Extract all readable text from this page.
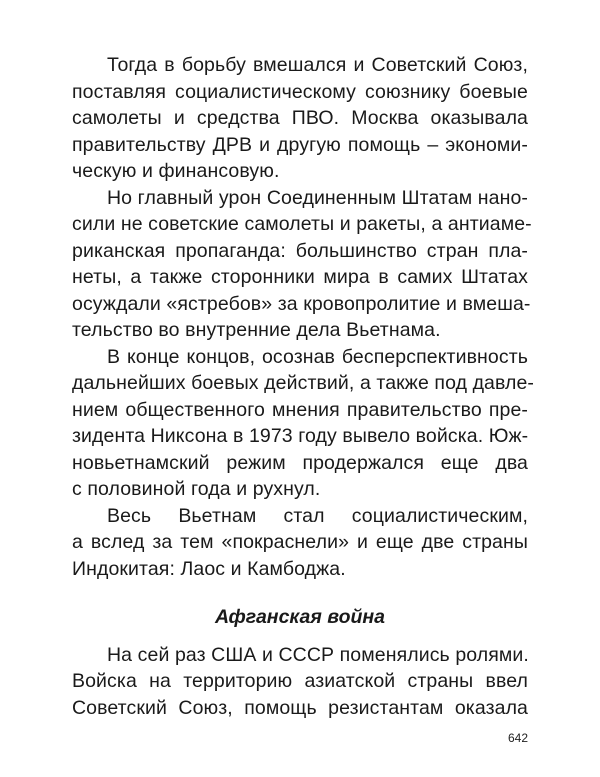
Тогда в борьбу вмешался и Советский Союз,
поставляя социалистическому союзнику боевые
самолеты и средства ПВО. Москва оказывала
правительству ДРВ и другую помощь – экономи-
ческую и финансовую.
Но главный урон Соединенным Штатам нано-
сили не советские самолеты и ракеты, а антиаме-
риканская пропаганда: большинство стран пла-
неты, а также сторонники мира в самих Штатах
осуждали «ястребов» за кровопролитие и вмеша-
тельство во внутренние дела Вьетнама.
В конце концов, осознав бесперспективность
дальнейших боевых действий, а также под давле-
нием общественного мнения правительство пре-
зидента Никсона в 1973 году вывело войска. Юж-
новьетнамский режим продержался еще два
с половиной года и рухнул.
Весь Вьетнам стал социалистическим,
а вслед за тем «покраснели» и еще две страны
Индокитая: Лаос и Камбоджа.
Афганская война
На сей раз США и СССР поменялись ролями.
Войска на территорию азиатской страны ввел
Советский Союз, помощь резистантам оказала
642
